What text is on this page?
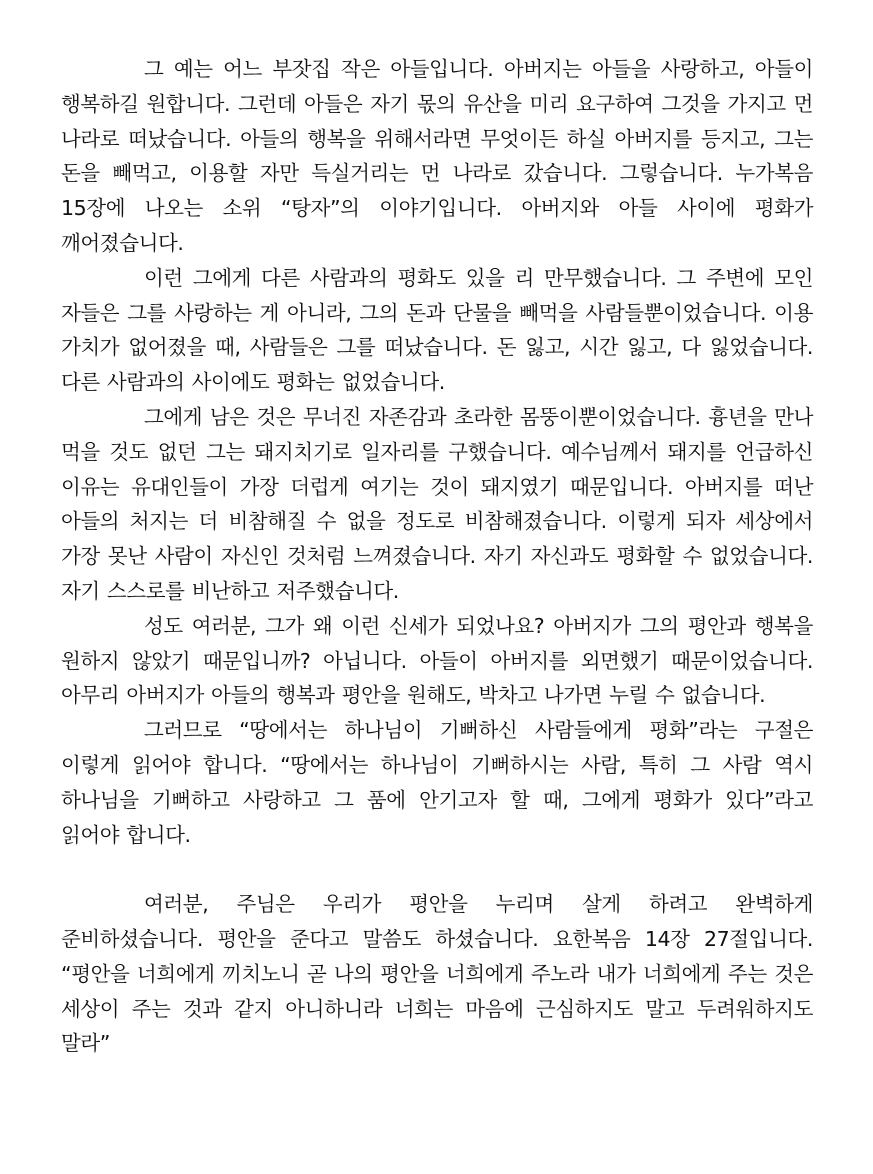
그 예는 어느 부잣집 작은 아들입니다. 아버지는 아들을 사랑하고, 아들이 행복하길 원합니다. 그런데 아들은 자기 몫의 유산을 미리 요구하여 그것을 가지고 먼 나라로 떠났습니다. 아들의 행복을 위해서라면 무엇이든 하실 아버지를 등지고, 그는 돈을 빼먹고, 이용할 자만 득실거리는 먼 나라로 갔습니다. 그렇습니다. 누가복음 15장에 나오는 소위 “탕자”의 이야기입니다. 아버지와 아들 사이에 평화가 깨어졌습니다.

이런 그에게 다른 사람과의 평화도 있을 리 만무했습니다. 그 주변에 모인 자들은 그를 사랑하는 게 아니라, 그의 돈과 단물을 빼먹을 사람들뿐이었습니다. 이용 가치가 없어졌을 때, 사람들은 그를 떠났습니다. 돈 잃고, 시간 잃고, 다 잃었습니다. 다른 사람과의 사이에도 평화는 없었습니다.

그에게 남은 것은 무너진 자존감과 초라한 몸뚱이뿐이었습니다. 흉년을 만나 먹을 것도 없던 그는 돼지치기로 일자리를 구했습니다. 예수님께서 돼지를 언급하신 이유는 유대인들이 가장 더럽게 여기는 것이 돼지였기 때문입니다. 아버지를 떠난 아들의 처지는 더 비참해질 수 없을 정도로 비참해졌습니다. 이렇게 되자 세상에서 가장 못난 사람이 자신인 것처럼 느껴졌습니다. 자기 자신과도 평화할 수 없었습니다. 자기 스스로를 비난하고 저주했습니다.

성도 여러분, 그가 왜 이런 신세가 되었나요? 아버지가 그의 평안과 행복을 원하지 않았기 때문입니까? 아닙니다. 아들이 아버지를 외면했기 때문이었습니다. 아무리 아버지가 아들의 행복과 평안을 원해도, 박차고 나가면 누릴 수 없습니다.

그러므로 “땅에서는 하나님이 기뻐하신 사람들에게 평화”라는 구절은 이렇게 읽어야 합니다. “땅에서는 하나님이 기뻐하시는 사람, 특히 그 사람 역시 하나님을 기뻐하고 사랑하고 그 품에 안기고자 할 때, 그에게 평화가 있다”라고 읽어야 합니다.

여러분, 주님은 우리가 평안을 누리며 살게 하려고 완벽하게 준비하셨습니다. 평안을 준다고 말씀도 하셨습니다. 요한복음 14장 27절입니다. “평안을 너희에게 끼치노니 곧 나의 평안을 너희에게 주노라 내가 너희에게 주는 것은 세상이 주는 것과 같지 아니하니라 너희는 마음에 근심하지도 말고 두려워하지도 말라”
